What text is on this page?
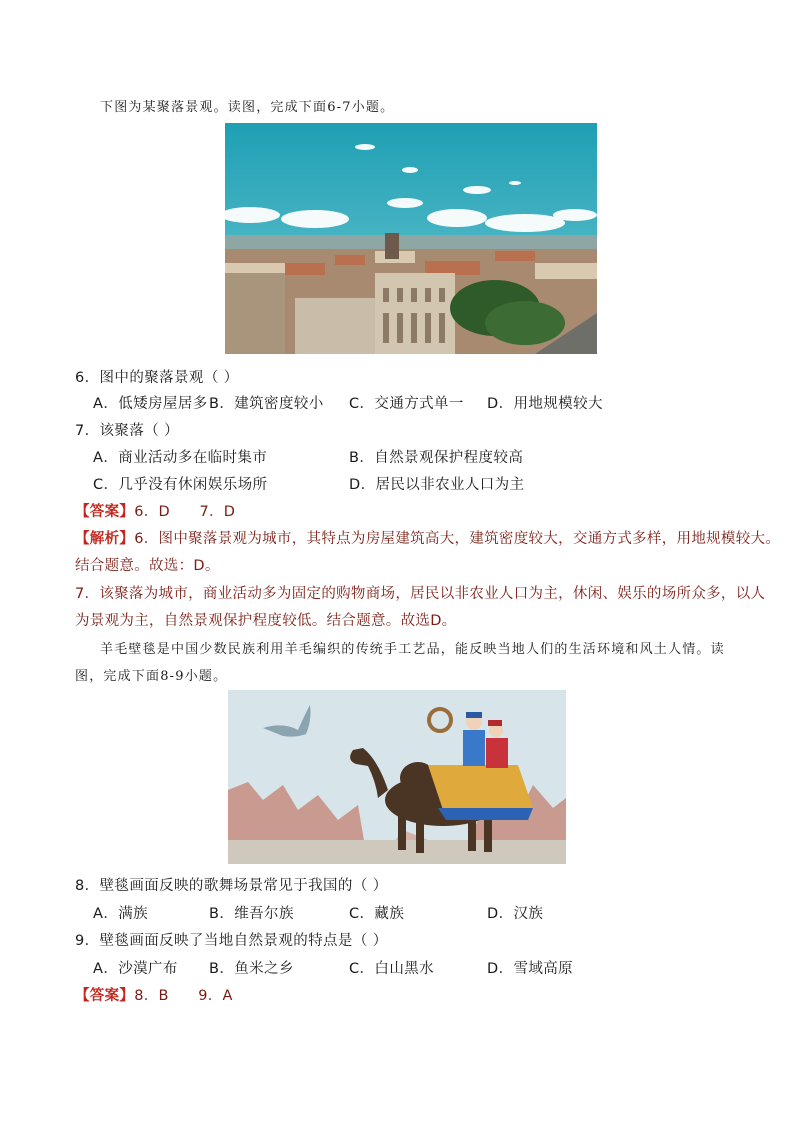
下图为某聚落景观。读图，完成下面6-7小题。
6．图中的聚落景观（ ）
A．低矮房屋居多 B．建筑密度较小 C．交通方式单一 D．用地规模较大
7．该聚落（ ）
A．商业活动多在临时集市	B．自然景观保护程度较高
C．几乎没有休闲娱乐场所	D．居民以非农业人口为主
【答案】6．D      7．D
【解析】6．图中聚落景观为城市，其特点为房屋建筑高大，建筑密度较大，交通方式多样，用地规模较大。
结合题意。故选：D。
7．该聚落为城市，商业活动多为固定的购物商场，居民以非农业人口为主，休闲、娱乐的场所众多，以人
为景观为主，自然景观保护程度较低。结合题意。故选D。
羊毛壁毯是中国少数民族利用羊毛编织的传统手工艺品，能反映当地人们的生活环境和风土人情。读
图，完成下面8-9小题。
8．壁毯画面反映的歌舞场景常见于我国的（ ）
A．满族	B．维吾尔族	C．藏族	D．汉族
9．壁毯画面反映了当地自然景观的特点是（ ）
A．沙漠广布 B．鱼米之乡	C．白山黑水	D．雪域高原
【答案】8．B      9．A
